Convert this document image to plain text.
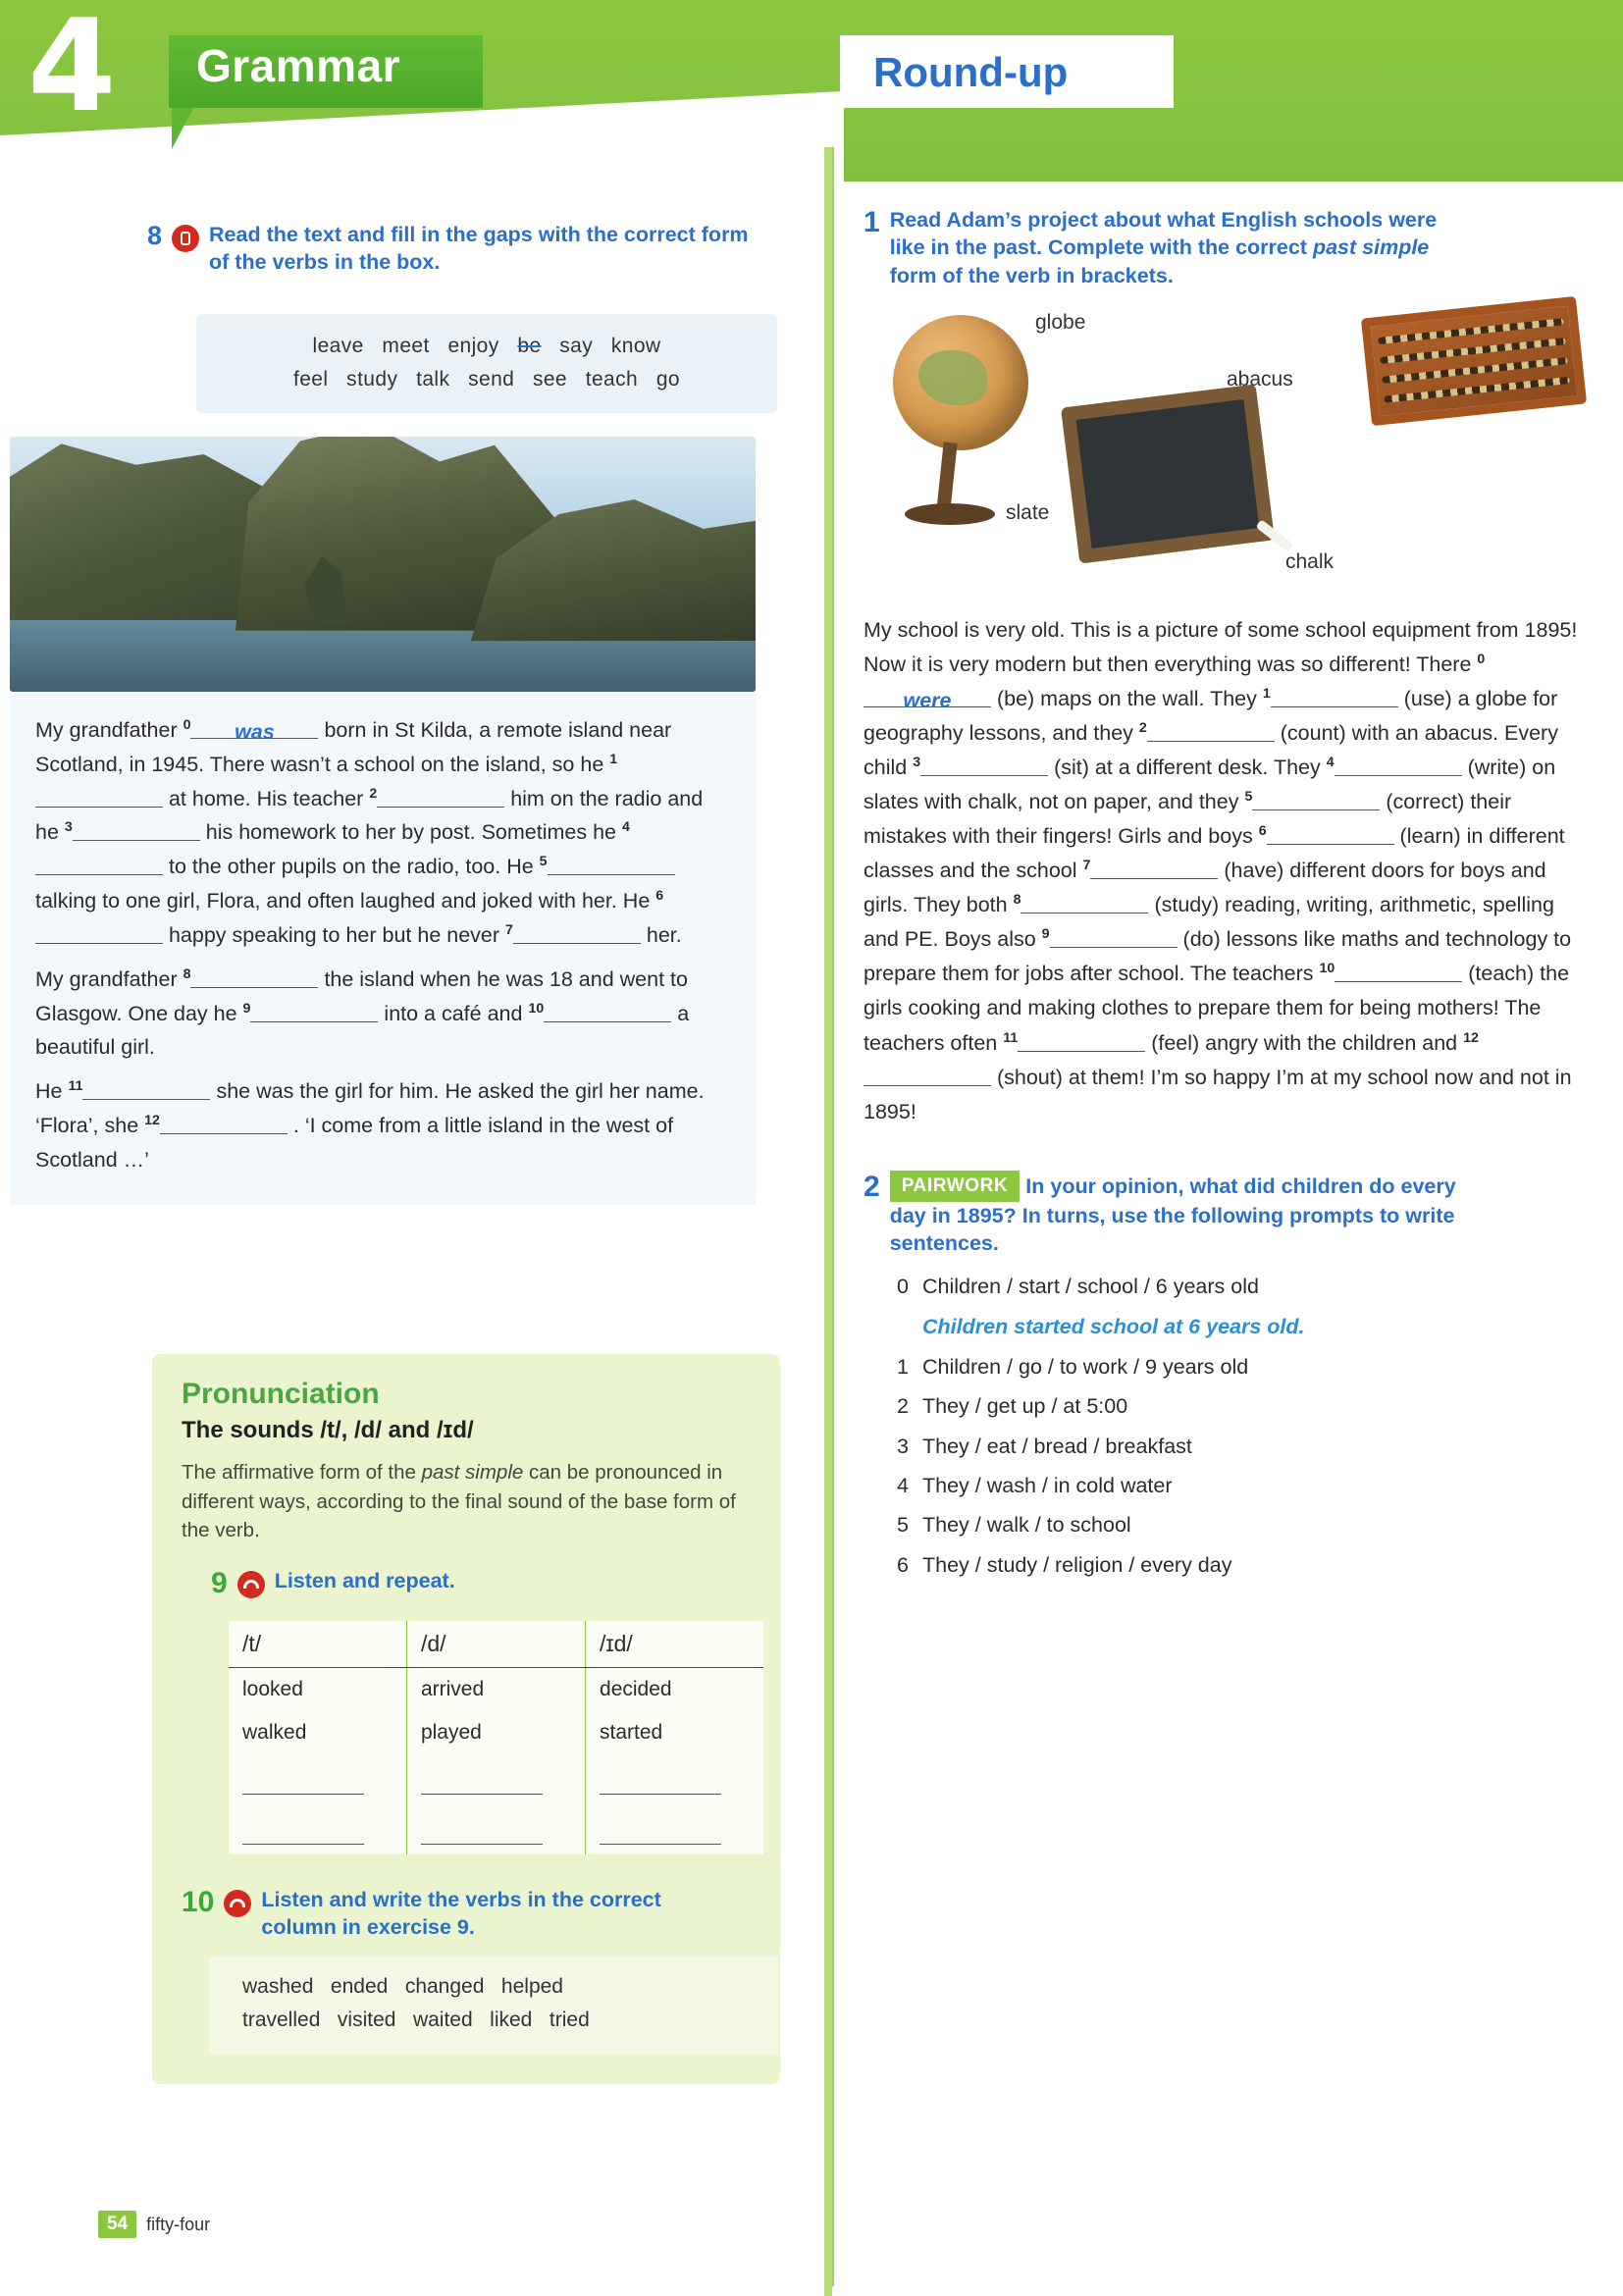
4 Grammar	Round-up
8 Read the text and fill in the gaps with the correct form of the verbs in the box.
leave meet enjoy be say know
feel study talk send see teach go

My grandfather $^0$ was born in St Kilda, a remote island near Scotland, in 1945. There wasn’t a school on the island, so he $^1$ at home. His teacher $^2$	him on the radio and he $^3$	his homework to her by post. Sometimes he $^4$ to the other pupils on the radio, too. He $^5$ talking to one girl, Flora, and often laughed and joked with her. He $^6$ happy speaking to her but he never $^7$	her.

My grandfather $^8$	the island when he was 18 and went to Glasgow. One day he $^9$	into a café and $^{10}$	a beautiful girl.

He $^{11}$	she was the girl for him. He asked the girl her name. ‘Flora’, she $^{12}$	. ‘I come from a little island in the west of Scotland …’

Pronunciation
The sounds /t/, /d/ and /ɪd/

The affirmative form of the past simple can be pronounced in different ways, according to the final sound of the base form of the verb.

9 Listen and repeat.
/t/	/d/	/ɪd/
looked	arrived	decided
walked	played	started

10 Listen and write the verbs in the correct column in exercise 9.
washed ended changed helped
travelled visited waited liked tried
54	fifty-four
1 Read Adam’s project about what English schools were like in the past. Complete with the correct past simple form of the verb in brackets.
globe
abacus
slate
chalk

My school is very old. This is a picture of some school equipment from 1895! Now it is very modern but then everything was so different! There $^0$were (be) maps on the wall. They $^1$	(use) a globe for geography lessons, and they $^2$	(count) with an abacus. Every child $^3$	(sit) at a different desk. They $^4$	(write) on slates with chalk, not on paper, and they $^5$	(correct) their mistakes with their fingers! Girls and boys $^6$	(learn) in different classes and the school $^7$	(have) different doors for boys and girls. They both $^8$	(study) reading, writing, arithmetic, spelling and PE. Boys also $^9$	(do) lessons like maths and technology to prepare them for jobs after school. The teachers $^{10}$	(teach) the girls cooking and making clothes to prepare them for being mothers! The teachers often $^{11}$	(feel) angry with the children and $^{12}$ (shout) at them! I’m so happy I’m at my school now and not in 1895!

2	PAIRWORK In your opinion, what did children do every day in 1895? In turns, use the following prompts to write sentences.
0 Children / start / school / 6 years old
Children started school at 6 years old.
1 Children / go / to work / 9 years old
2 They / get up / at 5:00
3 They / eat / bread / breakfast
4 They / wash / in cold water
5 They / walk / to school
6 They / study / religion / every day
